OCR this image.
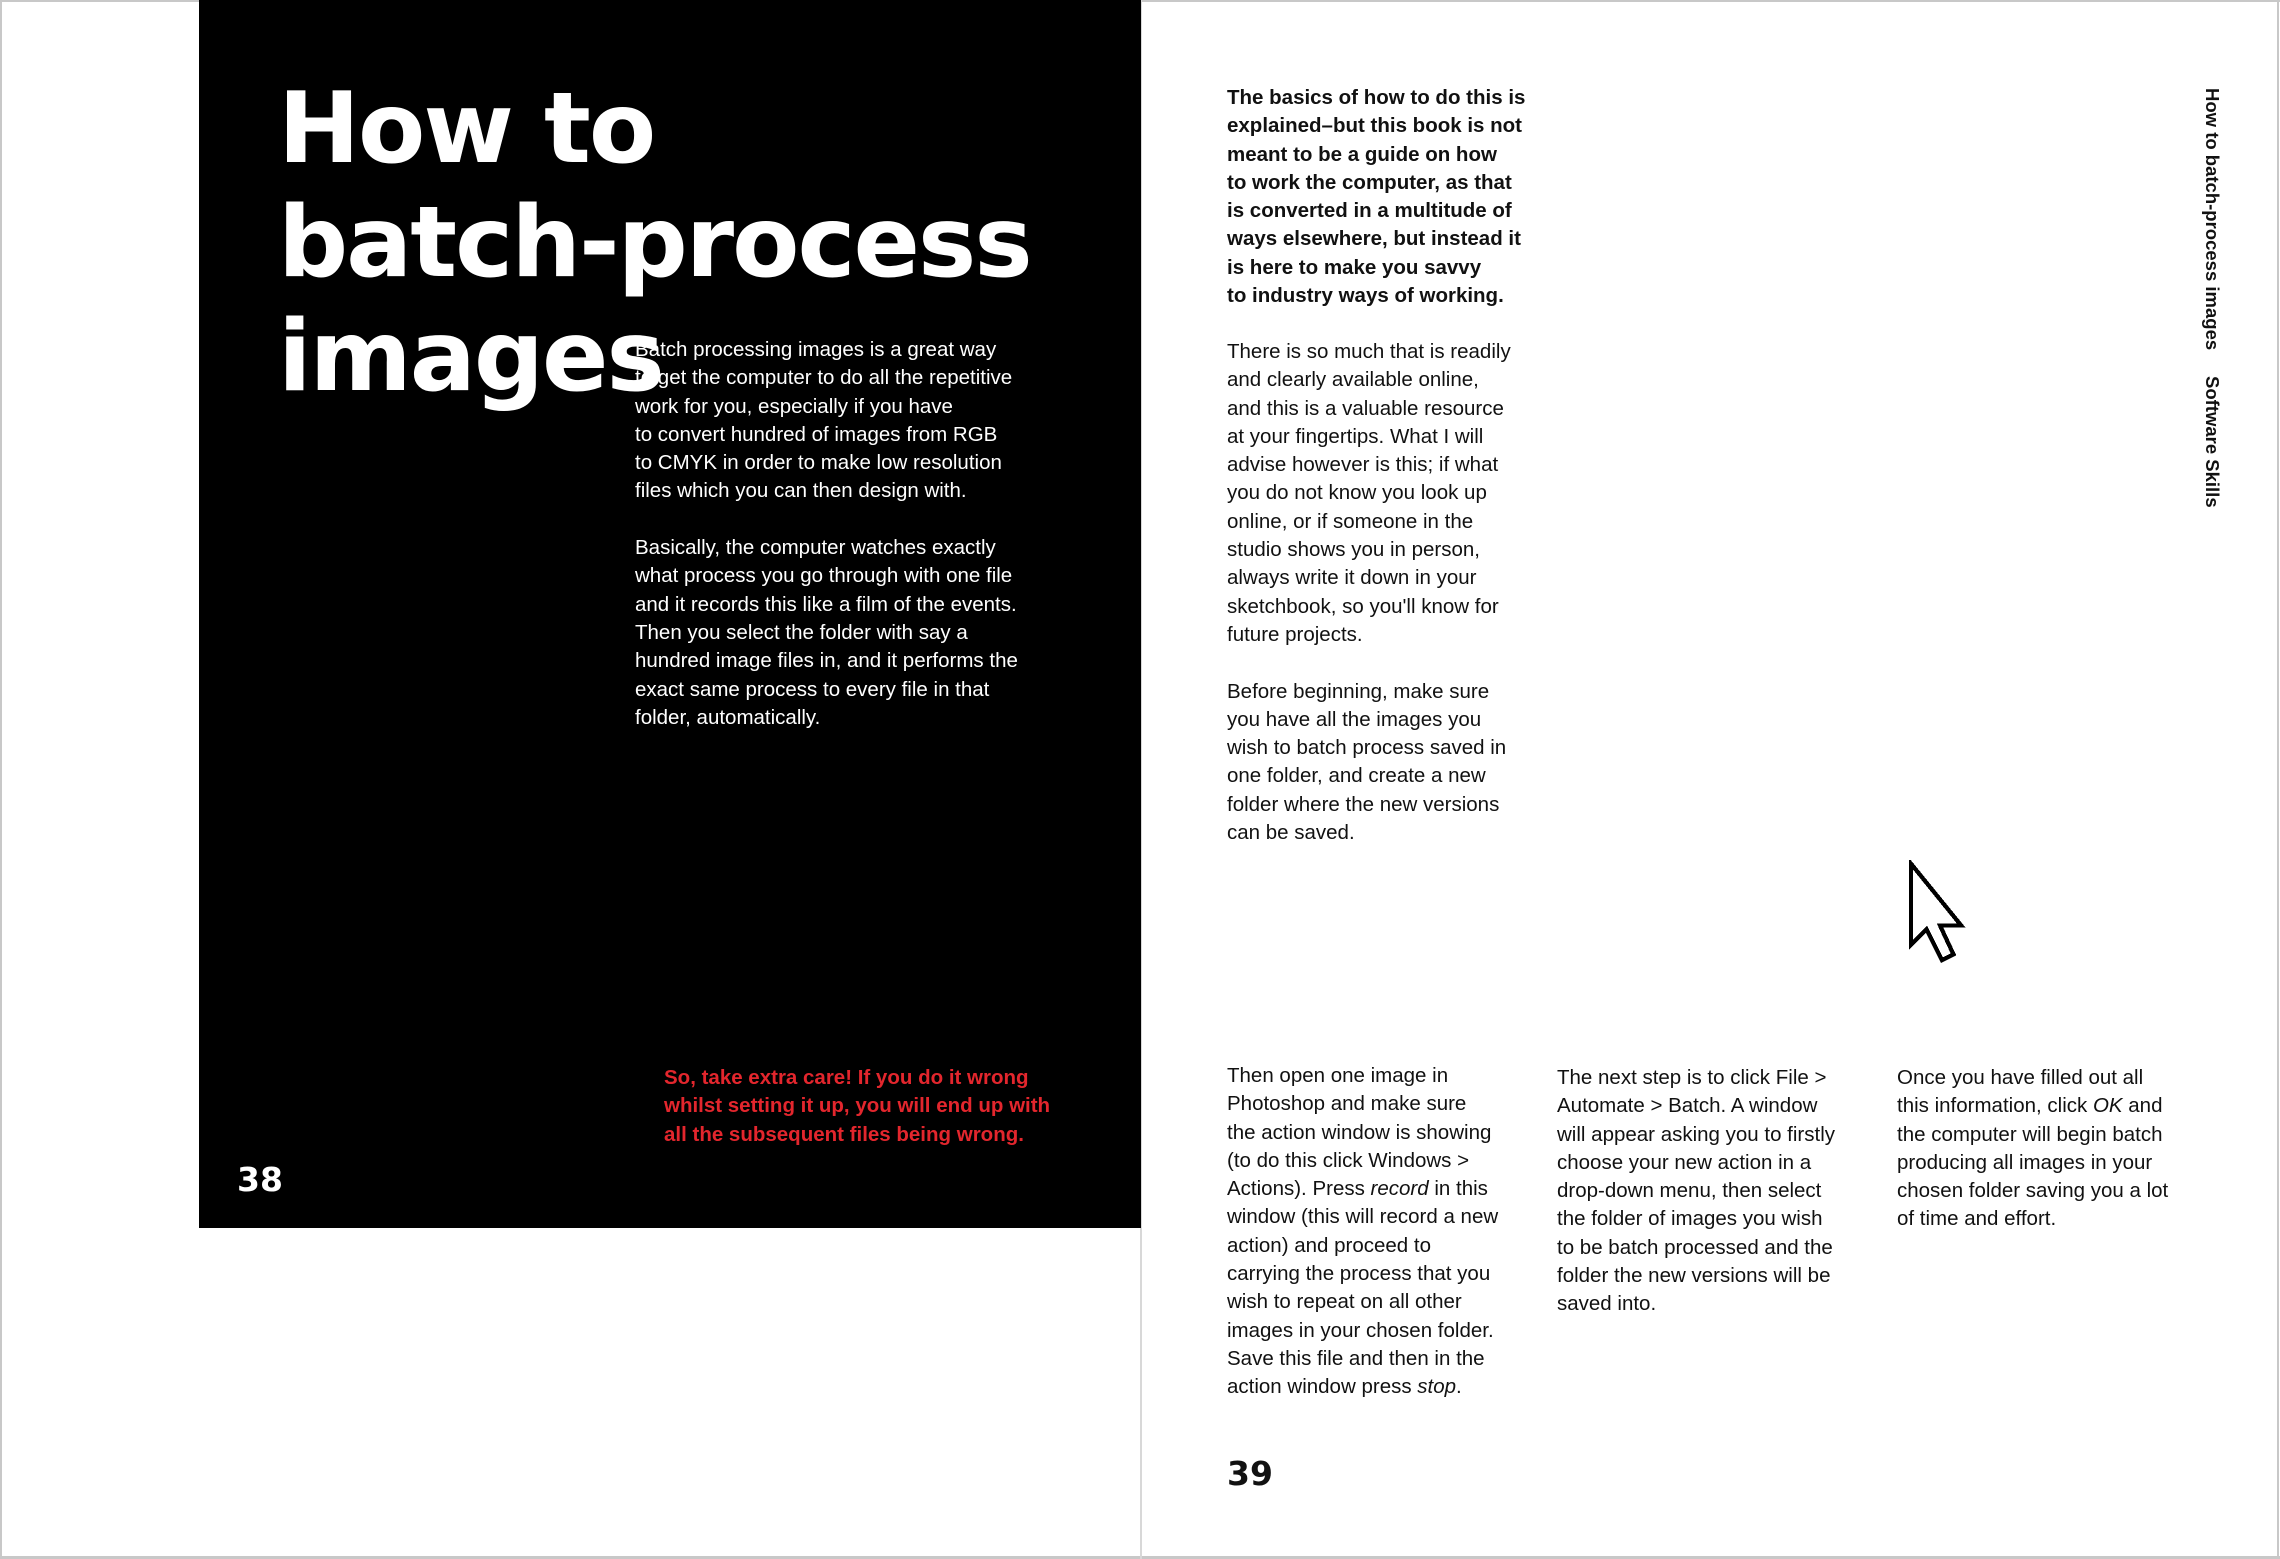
How to
batch-process
images

Batch processing images is a great way
to get the computer to do all the repetitive
work for you, especially if you have
to convert hundred of images from RGB
to CMYK in order to make low resolution
files which you can then design with.

Basically, the computer watches exactly
what process you go through with one file
and it records this like a film of the events.
Then you select the folder with say a
hundred image files in, and it performs the
exact same process to every file in that
folder, automatically.

So, take extra care! If you do it wrong
whilst setting it up, you will end up with
all the subsequent files being wrong.
38
The basics of how to do this is
explained–but this book is not
meant to be a guide on how
to work the computer, as that
is converted in a multitude of
ways elsewhere, but instead it
is here to make you savvy
to industry ways of working.

There is so much that is readily
and clearly available online,
and this is a valuable resource
at your fingertips. What I will
advise however is this; if what
you do not know you look up
online, or if someone in the
studio shows you in person,
always write it down in your
sketchbook, so you'll know for
future projects.

Before beginning, make sure
you have all the images you
wish to batch process saved in
one folder, and create a new
folder where the new versions
can be saved.

Then open one image in
Photoshop and make sure
the action window is showing
(to do this click Windows >
Actions). Press record in this
window (this will record a new
action) and proceed to
carrying the process that you
wish to repeat on all other
images in your chosen folder.
Save this file and then in the
action window press stop.
The next step is to click File >
Automate > Batch. A window
will appear asking you to firstly
choose your new action in a
drop-down menu, then select
the folder of images you wish
to be batch processed and the
folder the new versions will be
saved into.
Once you have filled out all
this information, click OK and
the computer will begin batch
producing all images in your
chosen folder saving you a lot
of time and effort.
39
How to batch-process imagesSoftware Skills
